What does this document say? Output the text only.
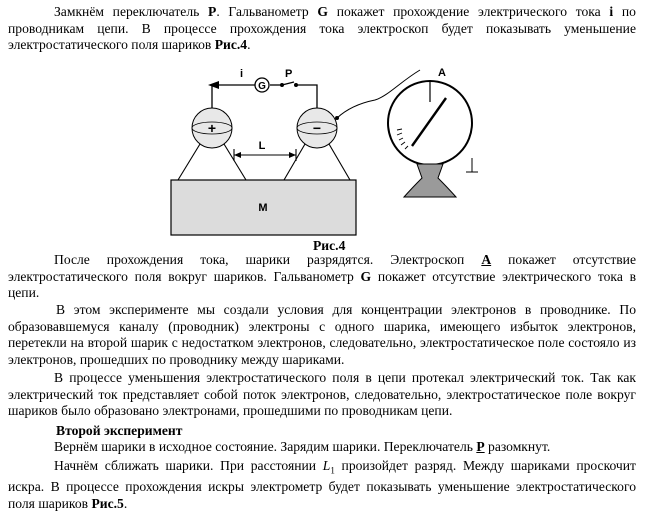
Замкнём переключатель P. Гальванометр G покажет прохождение электрического тока i по проводникам цепи. В процессе прохождения тока электроскоп будет показывать уменьшение электростатического поля шариков Рис.4.

G
i	P
+	−
L
M
A
Рис.4

После прохождения тока, шарики разрядятся. Электроскоп А покажет отсутствие электростатического поля вокруг шариков. Гальванометр G покажет отсутствие электрического тока в цепи.

В этом эксперименте мы создали условия для концентрации электронов в проводнике. По образовавшемуся каналу (проводник) электроны с одного шарика, имеющего избыток электронов, перетекли на второй шарик с недостатком электронов, следовательно, электростатическое поле состояло из электронов, прошедших по проводнику между шариками.

В процессе уменьшения электростатического поля в цепи протекал электрический ток. Так как электрический ток представляет собой поток электронов, следовательно, электростатическое поле вокруг шариков было образовано электронами, прошедшими по проводникам цепи.

Второй эксперимент

Вернём шарики в исходное состояние. Зарядим шарики. Переключатель Р разомкнут.

Начнём сближать шарики. При расстоянии $L_1$ произойдет разряд. Между шариками проскочит искра. В процессе прохождения искры электрометр будет показывать уменьшение электростатического поля шариков Рис.5.
